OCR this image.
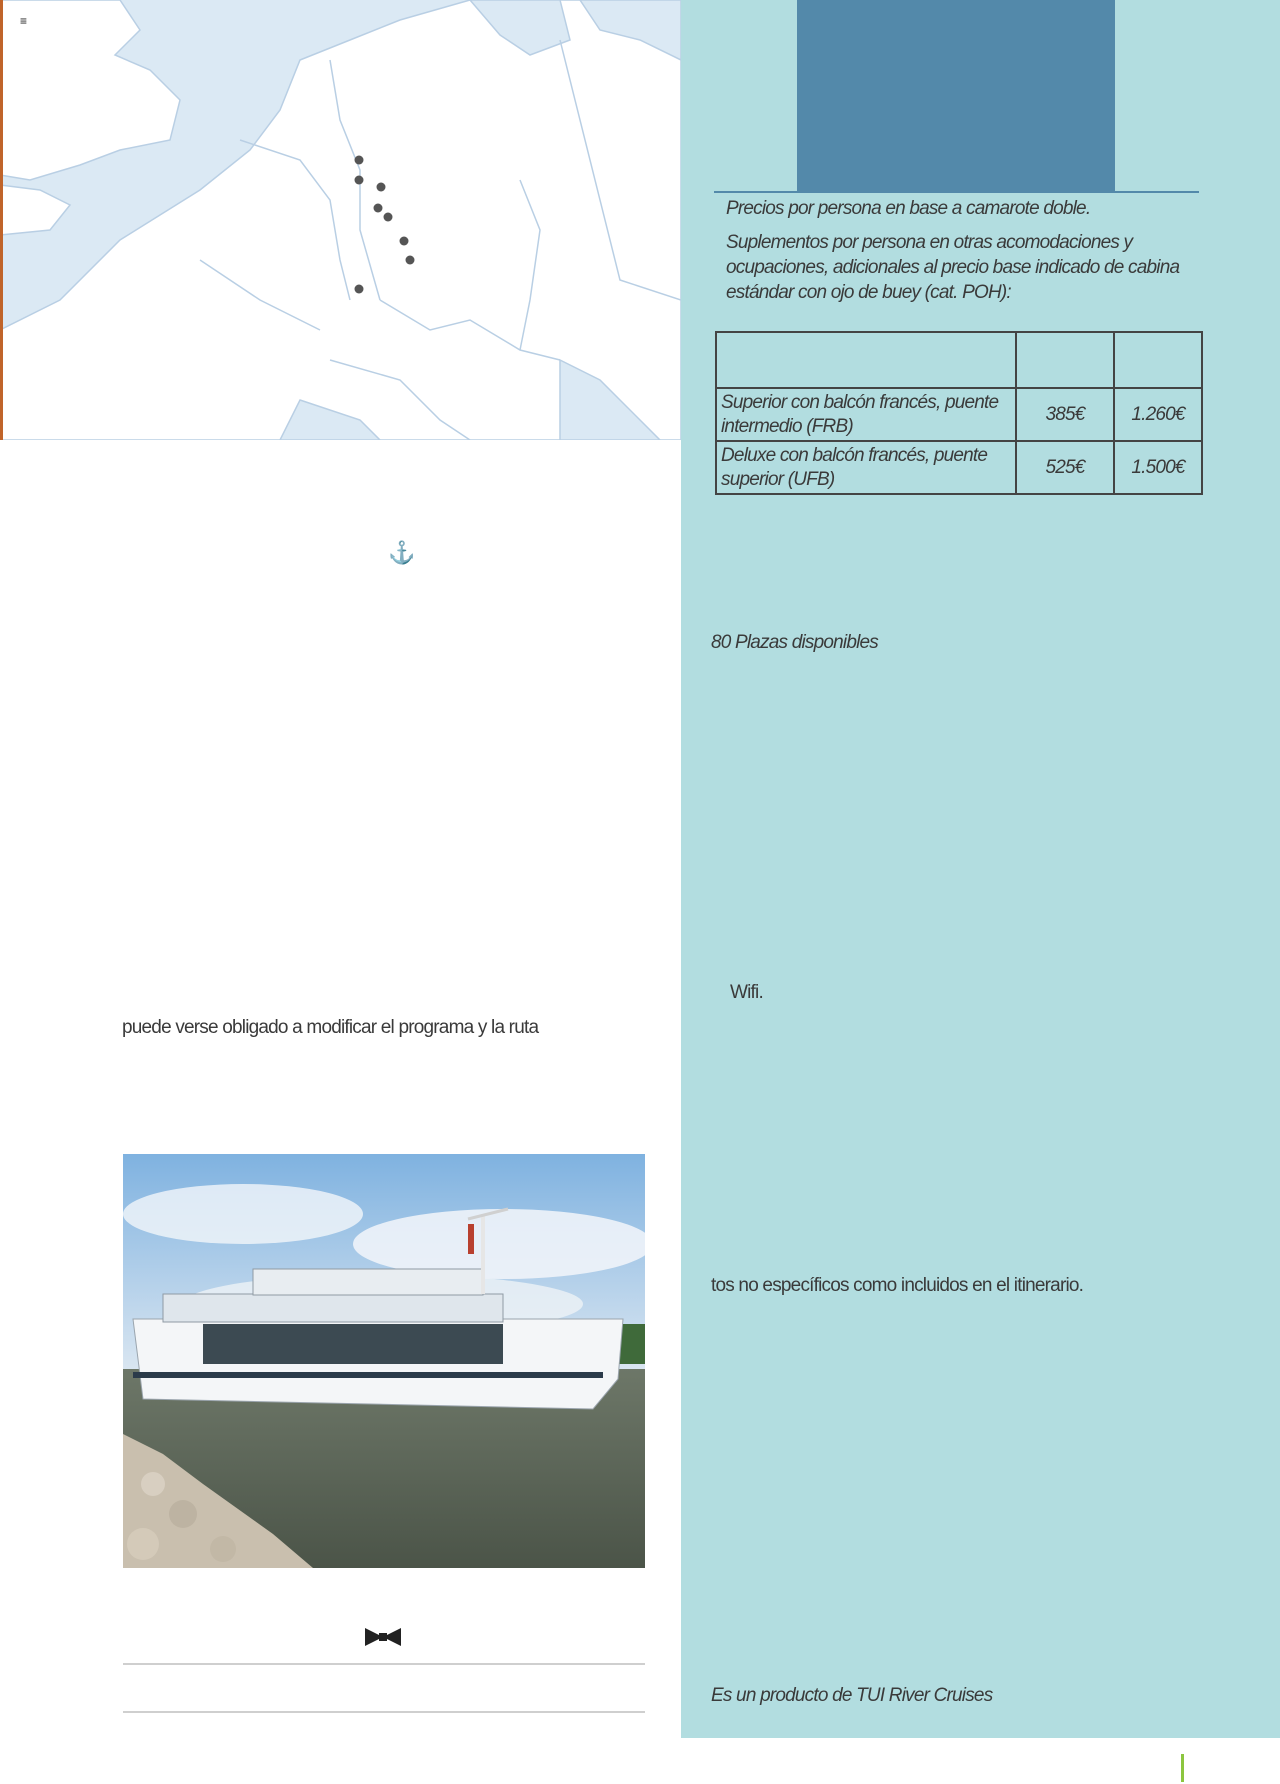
≡
Precios por persona en base a camarote doble.
Suplementos por persona en otras acomodaciones y ocupaciones, adicionales al precio base indicado de cabina estándar con ojo de buey (cat. POH):

Superior con balcón francés, puente intermedio (FRB)	385€	1.260€
Deluxe con balcón francés, puente superior (UFB)	525€	1.500€
80 Plazas disponibles
Wifi.
tos no específicos como incluidos en el itinerario.
Es un producto de TUI River Cruises
⚓
puede verse obligado a modificar el programa y la ruta
